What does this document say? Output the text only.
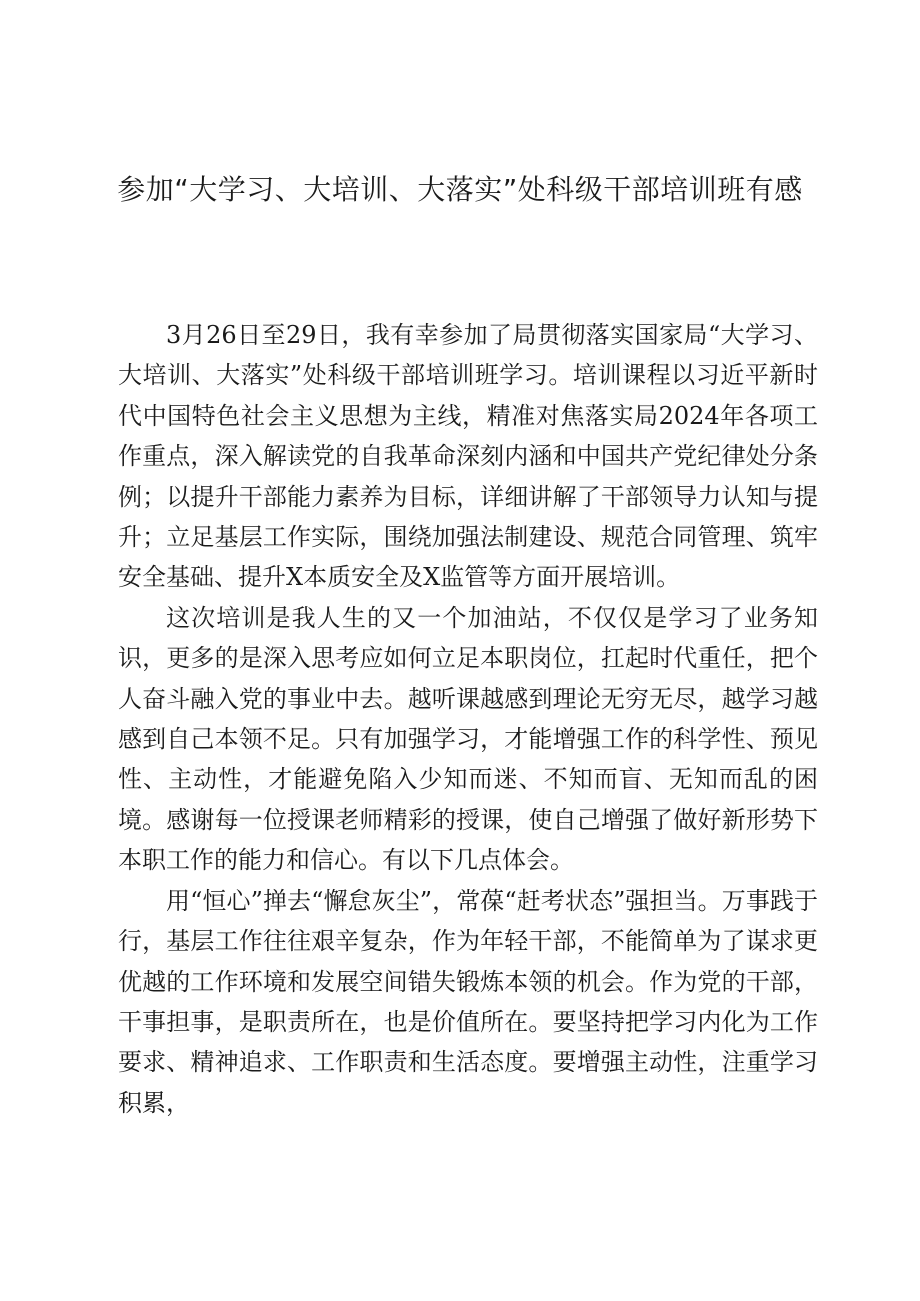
参加“大学习、大培训、大落实”处科级干部培训班有感

3月26日至29日，我有幸参加了局贯彻落实国家局“大学习、大培训、大落实”处科级干部培训班学习。培训课程以习近平新时代中国特色社会主义思想为主线，精准对焦落实局2024年各项工作重点，深入解读党的自我革命深刻内涵和中国共产党纪律处分条例；以提升干部能力素养为目标，详细讲解了干部领导力认知与提升；立足基层工作实际，围绕加强法制建设、规范合同管理、筑牢安全基础、提升X本质安全及X监管等方面开展培训。

这次培训是我人生的又一个加油站，不仅仅是学习了业务知识，更多的是深入思考应如何立足本职岗位，扛起时代重任，把个人奋斗融入党的事业中去。越听课越感到理论无穷无尽，越学习越感到自己本领不足。只有加强学习，才能增强工作的科学性、预见性、主动性，才能避免陷入少知而迷、不知而盲、无知而乱的困境。感谢每一位授课老师精彩的授课，使自己增强了做好新形势下本职工作的能力和信心。有以下几点体会。

用“恒心”掸去“懈怠灰尘”，常葆“赶考状态”强担当。万事践于行，基层工作往往艰辛复杂，作为年轻干部，不能简单为了谋求更优越的工作环境和发展空间错失锻炼本领的机会。作为党的干部，干事担事，是职责所在，也是价值所在。要坚持把学习内化为工作要求、精神追求、工作职责和生活态度。要增强主动性，注重学习积累，
